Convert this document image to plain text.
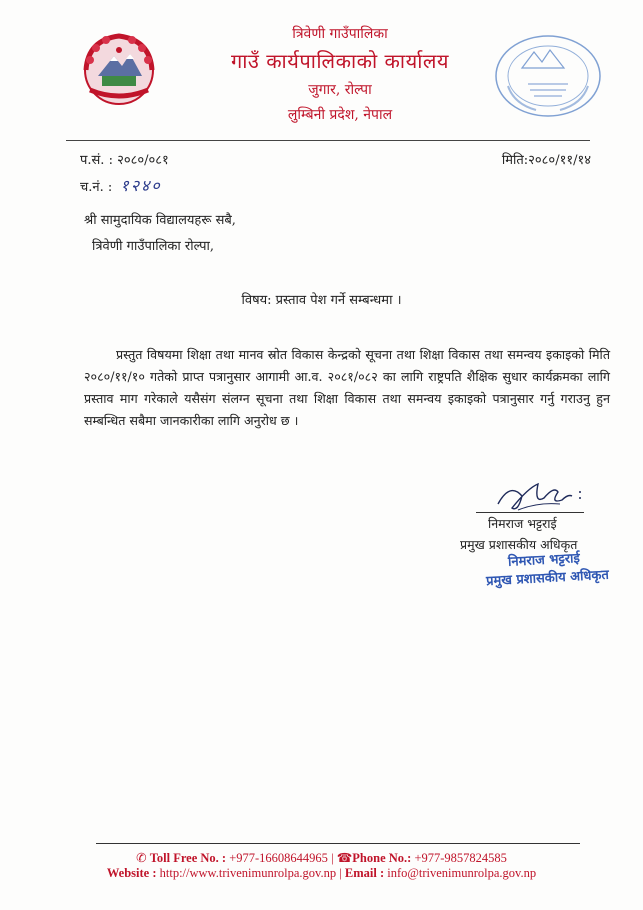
त्रिवेणी गाउँपालिका
गाउँ कार्यपालिकाको कार्यालय
जुगार, रोल्पा
लुम्बिनी प्रदेश, नेपाल
प.सं. : २०८०/०८१	मिति:२०८०/११/१४
च.नं. : १२४०
श्री सामुदायिक विद्यालयहरू सबै,
त्रिवेणी गाउँपालिका रोल्पा,
विषय: प्रस्ताव पेश गर्ने सम्बन्धमा ।
प्रस्तुत विषयमा शिक्षा तथा मानव स्रोत विकास केन्द्रको सूचना तथा शिक्षा विकास तथा समन्वय इकाइको मिति २०८०/११/१० गतेको प्राप्त पत्रानुसार आगामी आ.व. २०८१/०८२ का लागि राष्ट्रपति शैक्षिक सुधार कार्यक्रमका लागि प्रस्ताव माग गरेकाले यसैसंग संलग्न सूचना तथा शिक्षा विकास तथा समन्वय इकाइको पत्रानुसार गर्नु गराउनु हुन सम्बन्धित सबैमा जानकारीका लागि अनुरोध छ ।
निमराज भट्टराई
प्रमुख प्रशासकीय अधिकृत
निमराज भट्टराई
प्रमुख प्रशासकीय अधिकृत
✆ Toll Free No. : +977-16608644965 | ☎Phone No.: +977-9857824585
Website : http://www.trivenimunrolpa.gov.np | Email : info@trivenimunrolpa.gov.np
